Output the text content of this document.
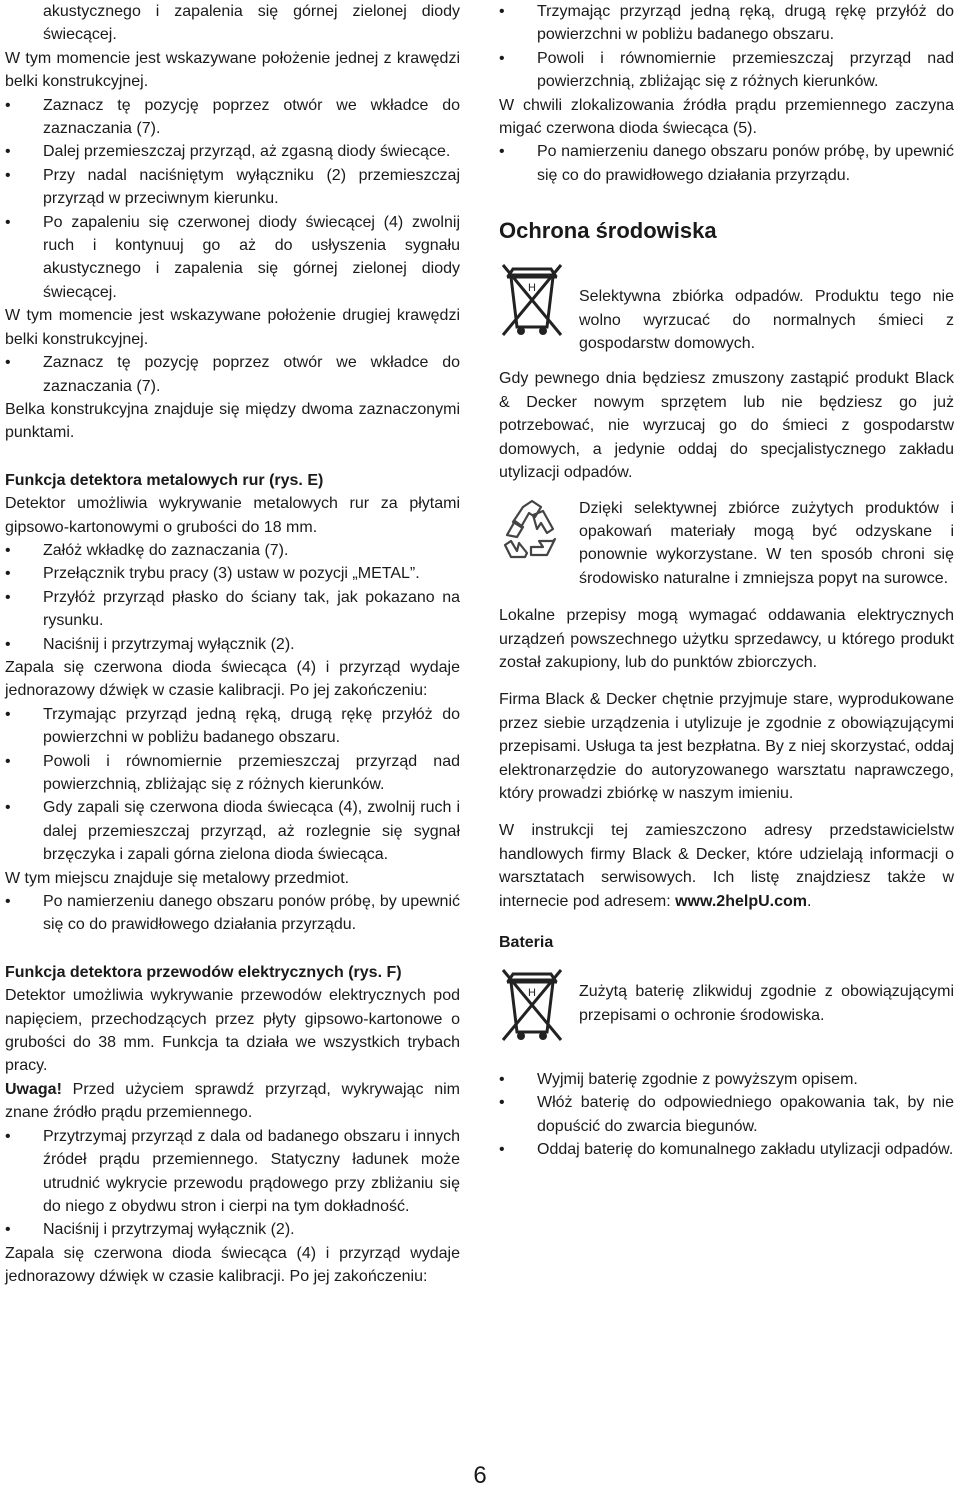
akustycznego i zapalenia się górnej zielonej diody świecącej.

W tym momencie jest wskazywane położenie jednej z krawędzi belki konstrukcyjnej.

•	Zaznacz tę pozycję poprzez otwór we wkładce do zaznaczania (7).
•	Dalej przemieszczaj przyrząd, aż zgasną diody świecące.
•	Przy nadal naciśniętym wyłączniku (2) przemieszczaj przyrząd w przeciwnym kierunku.
•	Po zapaleniu się czerwonej diody świecącej (4) zwolnij ruch i kontynuuj go aż do usłyszenia sygnału akustycznego i zapalenia się górnej zielonej diody świecącej.

W tym momencie jest wskazywane położenie drugiej krawędzi belki konstrukcyjnej.

•	Zaznacz tę pozycję poprzez otwór we wkładce do zaznaczania (7).

Belka konstrukcyjna znajduje się między dwoma zaznaczonymi punktami.

Funkcja detektora metalowych rur (rys. E)

Detektor umożliwia wykrywanie metalowych rur za płytami gipsowo-kartonowymi o grubości do 18 mm.

•	Załóż wkładkę do zaznaczania (7).
•	Przełącznik trybu pracy (3) ustaw w pozycji „METAL”.
•	Przyłóż przyrząd płasko do ściany tak, jak pokazano na rysunku.
•	Naciśnij i przytrzymaj wyłącznik (2).

Zapala się czerwona dioda świecąca (4) i przyrząd wydaje jednorazowy dźwięk w czasie kalibracji. Po jej zakończeniu:

•	Trzymając przyrząd jedną ręką, drugą rękę przyłóż do powierzchni w pobliżu badanego obszaru.
•	Powoli i równomiernie przemieszczaj przyrząd nad powierzchnią, zbliżając się z różnych kierunków.
•	Gdy zapali się czerwona dioda świecąca (4), zwolnij ruch i dalej przemieszczaj przyrząd, aż rozlegnie się sygnał brzęczyka i zapali górna zielona dioda świecąca.

W tym miejscu znajduje się metalowy przedmiot.

•	Po namierzeniu danego obszaru ponów próbę, by upewnić się co do prawidłowego działania przyrządu.

Funkcja detektora przewodów elektrycznych (rys. F)

Detektor umożliwia wykrywanie przewodów elektrycznych pod napięciem, przechodzących przez płyty gipsowo-kartonowe o grubości do 38 mm. Funkcja ta działa we wszystkich trybach pracy.

Uwaga! Przed użyciem sprawdź przyrząd, wykrywając nim znane źródło prądu przemiennego.

•	Przytrzymaj przyrząd z dala od badanego obszaru i innych źródeł prądu przemiennego. Statyczny ładunek może utrudnić wykrycie przewodu prądowego przy zbliżaniu się do niego z obydwu stron i cierpi na tym dokładność.
•	Naciśnij i przytrzymaj wyłącznik (2).

Zapala się czerwona dioda świecąca (4) i przyrząd wydaje jednorazowy dźwięk w czasie kalibracji. Po jej zakończeniu:

•	Trzymając przyrząd jedną ręką, drugą rękę przyłóż do powierzchni w pobliżu badanego obszaru.
•	Powoli i równomiernie przemieszczaj przyrząd nad powierzchnią, zbliżając się z różnych kierunków.

W chwili zlokalizowania źródła prądu przemiennego zaczyna migać czerwona dioda świecąca (5).

•	Po namierzeniu danego obszaru ponów próbę, by upewnić się co do prawidłowego działania przyrządu.
Ochrona środowiska
H	Selektywna zbiórka odpadów. Produktu tego nie wolno wyrzucać do normalnych śmieci z gospodarstw domowych.

Gdy pewnego dnia będziesz zmuszony zastąpić produkt Black & Decker nowym sprzętem lub nie będziesz go już potrzebować, nie wyrzucaj go do śmieci z gospodarstw domowych, a jedynie oddaj do specjalistycznego zakładu utylizacji odpadów.

Dzięki selektywnej zbiórce zużytych produktów i opakowań materiały mogą być odzyskane i ponownie wykorzystane. W ten sposób chroni się środowisko naturalne i zmniejsza popyt na surowce.

Lokalne przepisy mogą wymagać oddawania elektrycznych urządzeń powszechnego użytku sprzedawcy, u którego produkt został zakupiony, lub do punktów zbiorczych.

Firma Black & Decker chętnie przyjmuje stare, wyprodukowane przez siebie urządzenia i utylizuje je zgodnie z obowiązującymi przepisami. Usługa ta jest bezpłatna. By z niej skorzystać, oddaj elektronarzędzie do autoryzowanego warsztatu naprawczego, który prowadzi zbiórkę w naszym imieniu.

W instrukcji tej zamieszczono adresy przedstawicielstw handlowych firmy Black & Decker, które udzielają informacji o warsztatach serwisowych. Ich listę znajdziesz także w internecie pod adresem: www.2helpU.com.

Bateria

H	Zużytą baterię zlikwiduj zgodnie z obowiązującymi przepisami o ochronie środowiska.

•	Wyjmij baterię zgodnie z powyższym opisem.
•	Włóż baterię do odpowiedniego opakowania tak, by nie dopuścić do zwarcia biegunów.
•	Oddaj baterię do komunalnego zakładu utylizacji odpadów.
6
